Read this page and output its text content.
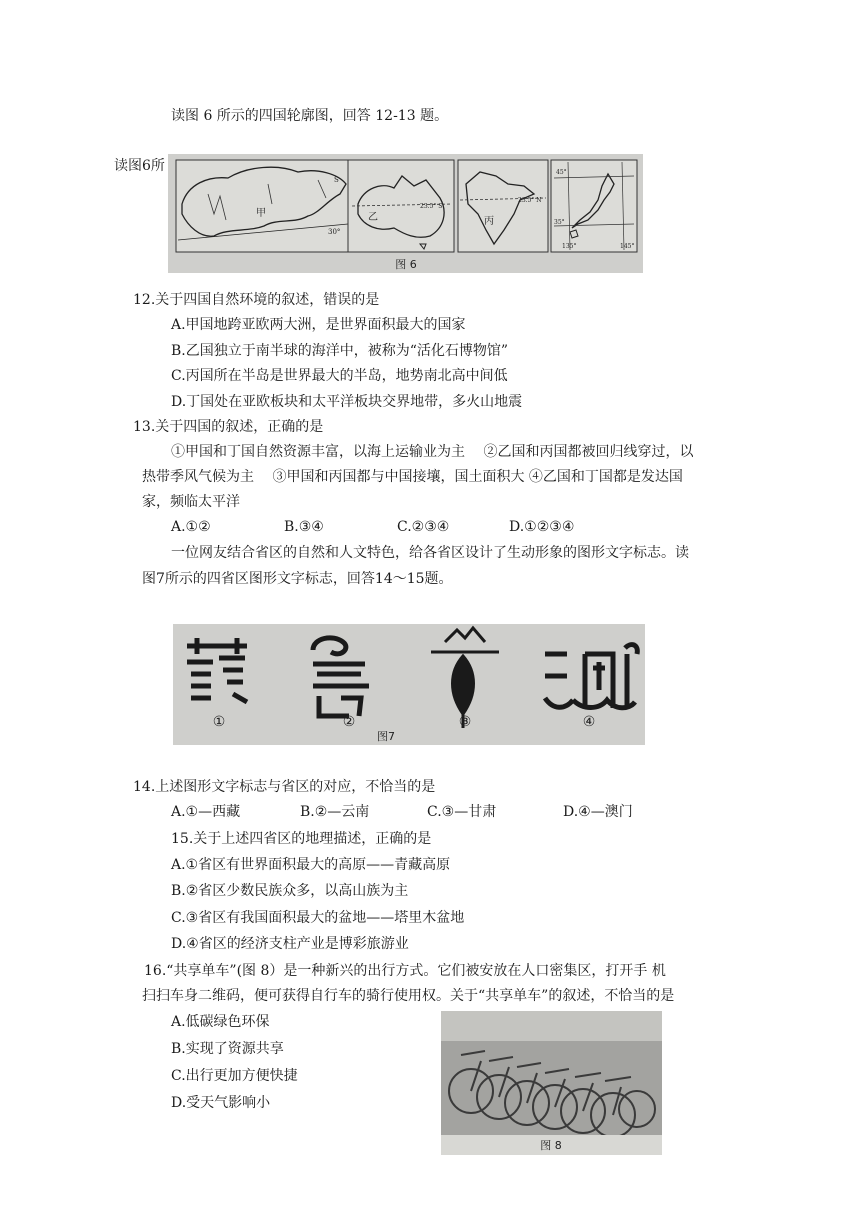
读图 6 所示的四国轮廓图，回答 12-13 题。
读图6所
甲
S
30°
乙
23.5° S
丙
23.5° N
45°
35°
135°	145°
图 6
12.关于四国自然环境的叙述，错误的是
A.甲国地跨亚欧两大洲，是世界面积最大的国家
B.乙国独立于南半球的海洋中，被称为“活化石博物馆”
C.丙国所在半岛是世界最大的半岛，地势南北高中间低
D.丁国处在亚欧板块和太平洋板块交界地带，多火山地震
13.关于四国的叙述，正确的是
①甲国和丁国自然资源丰富，以海上运输业为主　 ②乙国和丙国都被回归线穿过，以
热带季风气候为主　 ③甲国和丙国都与中国接壤，国土面积大 ④乙国和丁国都是发达国
家，频临太平洋
A.①②	B.③④	C.②③④	D.①②③④
一位网友结合省区的自然和人文特色，给各省区设计了生动形象的图形文字标志。读
图7所示的四省区图形文字标志，回答14～15题。
①	②	③	④
图7
14.上述图形文字标志与省区的对应，不恰当的是
A.①—西藏	B.②—云南	C.③—甘肃	D.④—澳门
15.关于上述四省区的地理描述，正确的是
A.①省区有世界面积最大的高原——青藏高原
B.②省区少数民族众多，以高山族为主
C.③省区有我国面积最大的盆地——塔里木盆地
D.④省区的经济支柱产业是博彩旅游业
16.“共享单车”(图 8）是一种新兴的出行方式。它们被安放在人口密集区，打开手 机
扫扫车身二维码，便可获得自行车的骑行使用权。关于“共享单车”的叙述，不恰当的是
A.低碳绿色环保
B.实现了资源共享
C.出行更加方便快捷
D.受天气影响小
图 8
